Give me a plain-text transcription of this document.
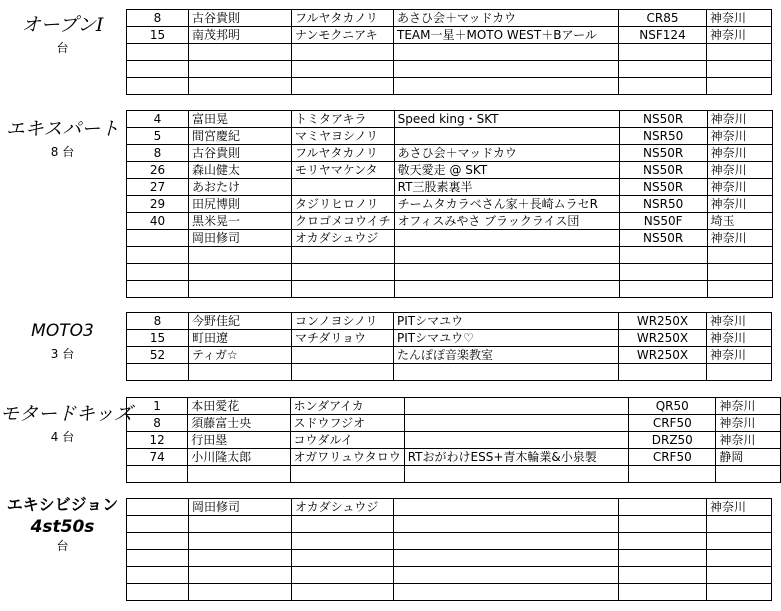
オープンⅠ
台
8	古谷貴則	フルヤタカノリ	あさひ会＋マッドカウ	CR85	神奈川
15	南茂邦明	ナンモクニアキ	TEAM一星＋MOTO WEST＋Bアール	NSF124	神奈川

エキスパート
8 台
4	富田晃	トミタアキラ	Speed king・SKT	NS50R	神奈川
5	間宮慶紀	マミヤヨシノリ		NSR50	神奈川
8	古谷貴則	フルヤタカノリ	あさひ会＋マッドカウ	NS50R	神奈川
26	森山健太	モリヤマケンタ	敬天愛走 @ SKT	NS50R	神奈川
27	あおたけ		RT三股素裏半	NS50R	神奈川
29	田尻博則	タジリヒロノリ	チームタカラベさん家＋長崎ムラセR	NSR50	神奈川
40	黒米晃一	クロゴメコウイチ	オフィスみやさ ブラックライス団	NS50F	埼玉
	岡田修司	オカダシュウジ		NS50R	神奈川

MOTO3
3 台
8	今野佳紀	コンノヨシノリ	PITシマユウ	WR250X	神奈川
15	町田遼	マチダリョウ	PITシマユウ♡	WR250X	神奈川
52	ティガ☆		たんぽぽ音楽教室	WR250X	神奈川

モタードキッズ
4 台
1	本田愛花	ホンダアイカ		QR50	神奈川
8	須藤富士央	スドウフジオ		CRF50	神奈川
12	行田塁	コウダルイ		DRZ50	神奈川
74	小川隆太郎	オガワリュウタロウ	RTおがわけESS+青木輪業&小泉製	CRF50	静岡

エキシビジョン
4st50s
台
	岡田修司	オカダシュウジ			神奈川
